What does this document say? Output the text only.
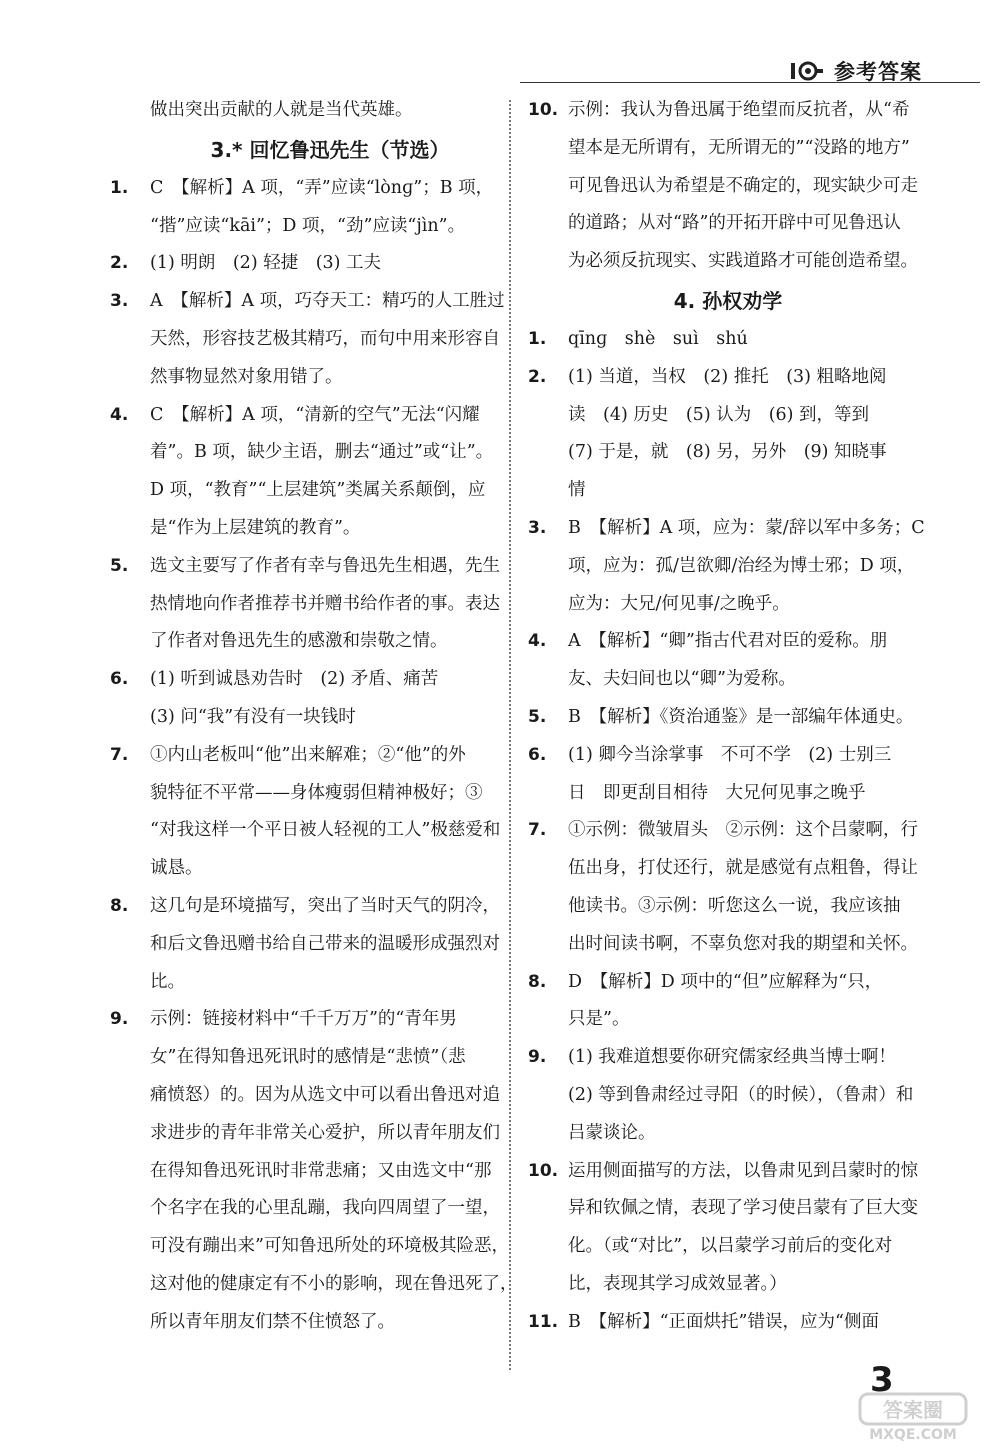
参考答案
做出突出贡献的人就是当代英雄。
3.* 回忆鲁迅先生（节选）
1.	C　【解析】A 项，“弄”应读“lònɡ”；B 项，
“揩”应读“kāi”；D 项，“劲”应读“jìn”。
2.	(1) 明朗　(2) 轻捷　(3) 工夫
3.	A　【解析】A 项，巧夺天工：精巧的人工胜过
天然，形容技艺极其精巧，而句中用来形容自
然事物显然对象用错了。
4.	C　【解析】A 项，“清新的空气”无法“闪耀
着”。B 项，缺少主语，删去“通过”或“让”。
D 项，“教育”“上层建筑”类属关系颠倒，应
是“作为上层建筑的教育”。
5.	选文主要写了作者有幸与鲁迅先生相遇，先生
热情地向作者推荐书并赠书给作者的事。表达
了作者对鲁迅先生的感激和崇敬之情。
6.	(1) 听到诚恳劝告时　(2) 矛盾、痛苦
(3) 问“我”有没有一块钱时
7.	①内山老板叫“他”出来解难；②“他”的外
貌特征不平常——身体瘦弱但精神极好；③
“对我这样一个平日被人轻视的工人”极慈爱和
诚恳。
8.	这几句是环境描写，突出了当时天气的阴冷，
和后文鲁迅赠书给自己带来的温暖形成强烈对
比。
9.	示例：链接材料中“千千万万”的“青年男
女”在得知鲁迅死讯时的感情是“悲愤”（悲
痛愤怒）的。因为从选文中可以看出鲁迅对追
求进步的青年非常关心爱护，所以青年朋友们
在得知鲁迅死讯时非常悲痛；又由选文中“那
个名字在我的心里乱蹦，我向四周望了一望，
可没有蹦出来”可知鲁迅所处的环境极其险恶，
这对他的健康定有不小的影响，现在鲁迅死了，
所以青年朋友们禁不住愤怒了。
10. 示例：我认为鲁迅属于绝望而反抗者，从“希
望本是无所谓有，无所谓无的”“没路的地方”
可见鲁迅认为希望是不确定的，现实缺少可走
的道路；从对“路”的开拓开辟中可见鲁迅认
为必须反抗现实、实践道路才可能创造希望。
4. 孙权劝学
1.	qīnɡ　shè　suì　shú
2.	(1) 当道，当权　(2) 推托　(3) 粗略地阅
读　(4) 历史　(5) 认为　(6) 到，等到
(7) 于是，就　(8) 另，另外　(9) 知晓事
情
3.	B　【解析】A 项，应为：蒙/辞以军中多务；C
项，应为：孤/岂欲卿/治经为博士邪；D 项，
应为：大兄/何见事/之晚乎。
4.	A　【解析】“卿”指古代君对臣的爱称。朋
友、夫妇间也以“卿”为爱称。
5.	B　【解析】《资治通鉴》是一部编年体通史。
6.	(1) 卿今当涂掌事　不可不学　(2) 士别三
日　即更刮目相待　大兄何见事之晚乎
7.	①示例：微皱眉头　②示例：这个吕蒙啊，行
伍出身，打仗还行，就是感觉有点粗鲁，得让
他读书。③示例：听您这么一说，我应该抽
出时间读书啊，不辜负您对我的期望和关怀。
8.	D　【解析】D 项中的“但”应解释为“只，
只是”。
9.	(1) 我难道想要你研究儒家经典当博士啊！
(2) 等到鲁肃经过寻阳（的时候），（鲁肃）和
吕蒙谈论。
10. 运用侧面描写的方法，以鲁肃见到吕蒙时的惊
异和钦佩之情，表现了学习使吕蒙有了巨大变
化。（或“对比”，以吕蒙学习前后的变化对
比，表现其学习成效显著。）
11. B　【解析】“正面烘托”错误，应为“侧面
3
答案圈
MXQE.COM
